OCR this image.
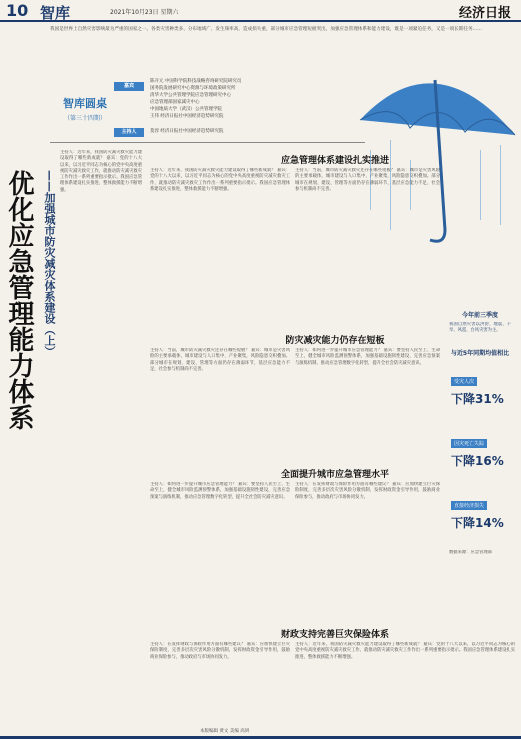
10 智库	2021年10月23日 星期六	经济日报
我国是世界上自然灾害影响最为严重的国家之一。各类灾害种类多、分布地域广、发生频率高、造成损失重，部分城市应急管理短板突出。加强应急管理体系和能力建设，既是一项紧迫任务，又是一项长期任务……
智库圆桌
（第三十四期）
嘉宾
陈开元 中国科学院科技战略咨询研究院研究员
国务院发展研究中心资源与环境政策研究所
清华大学公共管理学院应急管理研究中心
应急管理部国家减灾中心
中国地质大学（武汉）公共管理学院
王伟 经济日报社中国经济趋势研究院
主持人	莫淳 经济日报社中国经济趋势研究院
优化应急管理能力体系 ——加强城市防灾减灾体系建设（上）
主持人：近年来，我国防灾减灾救灾能力建设取得了哪些新成就？ 嘉宾：党的十八大以来，以习近平同志为核心的党中央高度重视防灾减灾救灾工作，就推动防灾减灾救灾工作作出一系列重要指示批示。我国应急管理体系建设扎实推进，整体救援能力不断增强。
应急管理体系建设扎实推进
主持人：近年来，我国防灾减灾救灾能力建设取得了哪些新成就？ 嘉宾：党的十八大以来，以习近平同志为核心的党中央高度重视防灾减灾救灾工作，就推动防灾减灾救灾工作作出一系列重要指示批示。我国应急管理体系建设扎实推进，整体救援能力不断增强。
主持人：当前，城市防灾减灾救灾还存在哪些短板？ 嘉宾：城市是灾害风险的主要承载体，城市建设与人口集中、产业聚集，风险隐患交织叠加。部分城市在规划、建设、管理等方面仍存在薄弱环节，基层应急能力不足，社会参与机制尚不完善。
防灾减灾能力仍存在短板
主持人：当前，城市防灾减灾救灾还存在哪些短板？ 嘉宾：城市是灾害风险的主要承载体，城市建设与人口集中、产业聚集，风险隐患交织叠加。部分城市在规划、建设、管理等方面仍存在薄弱环节，基层应急能力不足，社会参与机制尚不完善。
主持人：如何进一步提升城市应急管理能力？ 嘉宾：要坚持人民至上、生命至上，健全城市风险监测预警体系，加强基础设施韧性建设，完善应急预案与演练机制，推动应急管理数字化转型，提升全社会防灾减灾意识。
全面提升城市应急管理水平
主持人：如何进一步提升城市应急管理能力？ 嘉宾：要坚持人民至上、生命至上，健全城市风险监测预警体系，加强基础设施韧性建设，完善应急预案与演练机制，推动应急管理数字化转型，提升全社会防灾减灾意识。
主持人：在发挥财政与保险作用方面有哪些建议？ 嘉宾：应加快建立巨灾保险制度，完善多层次灾害风险分散机制，发挥财政资金引导作用，鼓励商业保险参与，推动政府与市场协同发力。
财政支持完善巨灾保险体系
主持人：在发挥财政与保险作用方面有哪些建议？ 嘉宾：应加快建立巨灾保险制度，完善多层次灾害风险分散机制，发挥财政资金引导作用，鼓励商业保险参与，推动政府与市场协同发力。
主持人：近年来，我国防灾减灾救灾能力建设取得了哪些新成就？ 嘉宾：党的十八大以来，以习近平同志为核心的党中央高度重视防灾减灾救灾工作，就推动防灾减灾救灾工作作出一系列重要指示批示。我国应急管理体系建设扎实推进，整体救援能力不断增强。
今年前三季度
我国自然灾害以洪涝、地震、干旱、风雹、台风灾害为主。
与近5年同期均值相比
受灾人次
下降31%
因灾死亡失踪
下降16%
直接经济损失
下降14%
数据来源：应急管理部
本版编辑 黄文 美编 高妍
